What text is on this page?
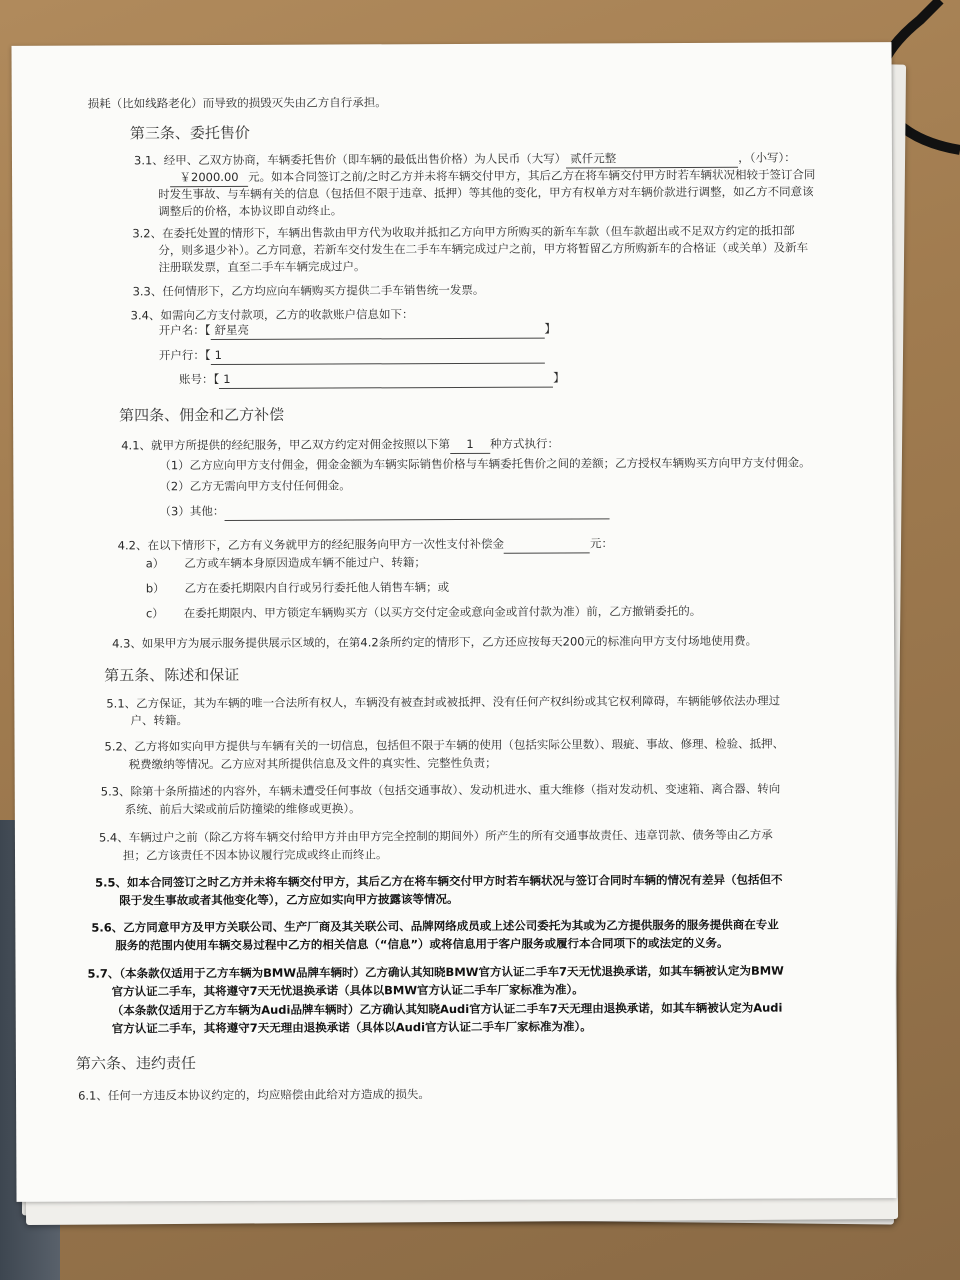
损耗（比如线路老化）而导致的损毁灭失由乙方自行承担。
第三条、委托售价
3.1、经甲、乙双方协商，车辆委托售价（即车辆的最低出售价格）为人民币（大写） 贰仟元整	，（小写）：
￥2000.00 元。如本合同签订之前/之时乙方并未将车辆交付甲方，其后乙方在将车辆交付甲方时若车辆状况相较于签订合同
时发生事故、与车辆有关的信息（包括但不限于违章、抵押）等其他的变化，甲方有权单方对车辆价款进行调整，如乙方不同意该
调整后的价格，本协议即自动终止。
3.2、在委托处置的情形下，车辆出售款由甲方代为收取并抵扣乙方向甲方所购买的新车车款（但车款超出或不足双方约定的抵扣部
分，则多退少补）。乙方同意，若新车交付发生在二手车车辆完成过户之前，甲方将暂留乙方所购新车的合格证（或关单）及新车
注册联发票，直至二手车车辆完成过户。
3.3、任何情形下，乙方均应向车辆购买方提供二手车销售统一发票。
3.4、如需向乙方支付款项，乙方的收款账户信息如下：
开户名：【 舒星亮	】
开户行：【 1
账号：【 1	】
第四条、佣金和乙方补偿
4.1、就甲方所提供的经纪服务，甲乙双方约定对佣金按照以下第 1 种方式执行：
（1）乙方应向甲方支付佣金，佣金金额为车辆实际销售价格与车辆委托售价之间的差额；乙方授权车辆购买方向甲方支付佣金。
（2）乙方无需向甲方支付任何佣金。
（3）其他：
4.2、在以下情形下，乙方有义务就甲方的经纪服务向甲方一次性支付补偿金	元：
a） 乙方或车辆本身原因造成车辆不能过户、转籍；
b） 乙方在委托期限内自行或另行委托他人销售车辆；或
c） 在委托期限内、甲方锁定车辆购买方（以买方交付定金或意向金或首付款为准）前，乙方撤销委托的。
4.3、如果甲方为展示服务提供展示区域的，在第4.2条所约定的情形下，乙方还应按每天200元的标准向甲方支付场地使用费。
第五条、陈述和保证
5.1、乙方保证，其为车辆的唯一合法所有权人，车辆没有被查封或被抵押、没有任何产权纠纷或其它权利障碍，车辆能够依法办理过
户、转籍。
5.2、乙方将如实向甲方提供与车辆有关的一切信息，包括但不限于车辆的使用（包括实际公里数）、瑕疵、事故、修理、检验、抵押、
税费缴纳等情况。乙方应对其所提供信息及文件的真实性、完整性负责；
5.3、除第十条所描述的内容外，车辆未遭受任何事故（包括交通事故）、发动机进水、重大维修（指对发动机、变速箱、离合器、转向
系统、前后大梁或前后防撞梁的维修或更换）。
5.4、车辆过户之前（除乙方将车辆交付给甲方并由甲方完全控制的期间外）所产生的所有交通事故责任、违章罚款、债务等由乙方承
担；乙方该责任不因本协议履行完成或终止而终止。
5.5、如本合同签订之时乙方并未将车辆交付甲方，其后乙方在将车辆交付甲方时若车辆状况与签订合同时车辆的情况有差异（包括但不
限于发生事故或者其他变化等），乙方应如实向甲方披露该等情况。
5.6、乙方同意甲方及甲方关联公司、生产厂商及其关联公司、品牌网络成员或上述公司委托为其或为乙方提供服务的服务提供商在专业
服务的范围内使用车辆交易过程中乙方的相关信息（“信息”）或将信息用于客户服务或履行本合同项下的或法定的义务。
5.7、（本条款仅适用于乙方车辆为BMW品牌车辆时）乙方确认其知晓BMW官方认证二手车7天无忧退换承诺，如其车辆被认定为BMW
官方认证二手车，其将遵守7天无忧退换承诺（具体以BMW官方认证二手车厂家标准为准）。
（本条款仅适用于乙方车辆为Audi品牌车辆时）乙方确认其知晓Audi官方认证二手车7天无理由退换承诺，如其车辆被认定为Audi
官方认证二手车，其将遵守7天无理由退换承诺（具体以Audi官方认证二手车厂家标准为准）。
第六条、违约责任
6.1、任何一方违反本协议约定的，均应赔偿由此给对方造成的损失。
